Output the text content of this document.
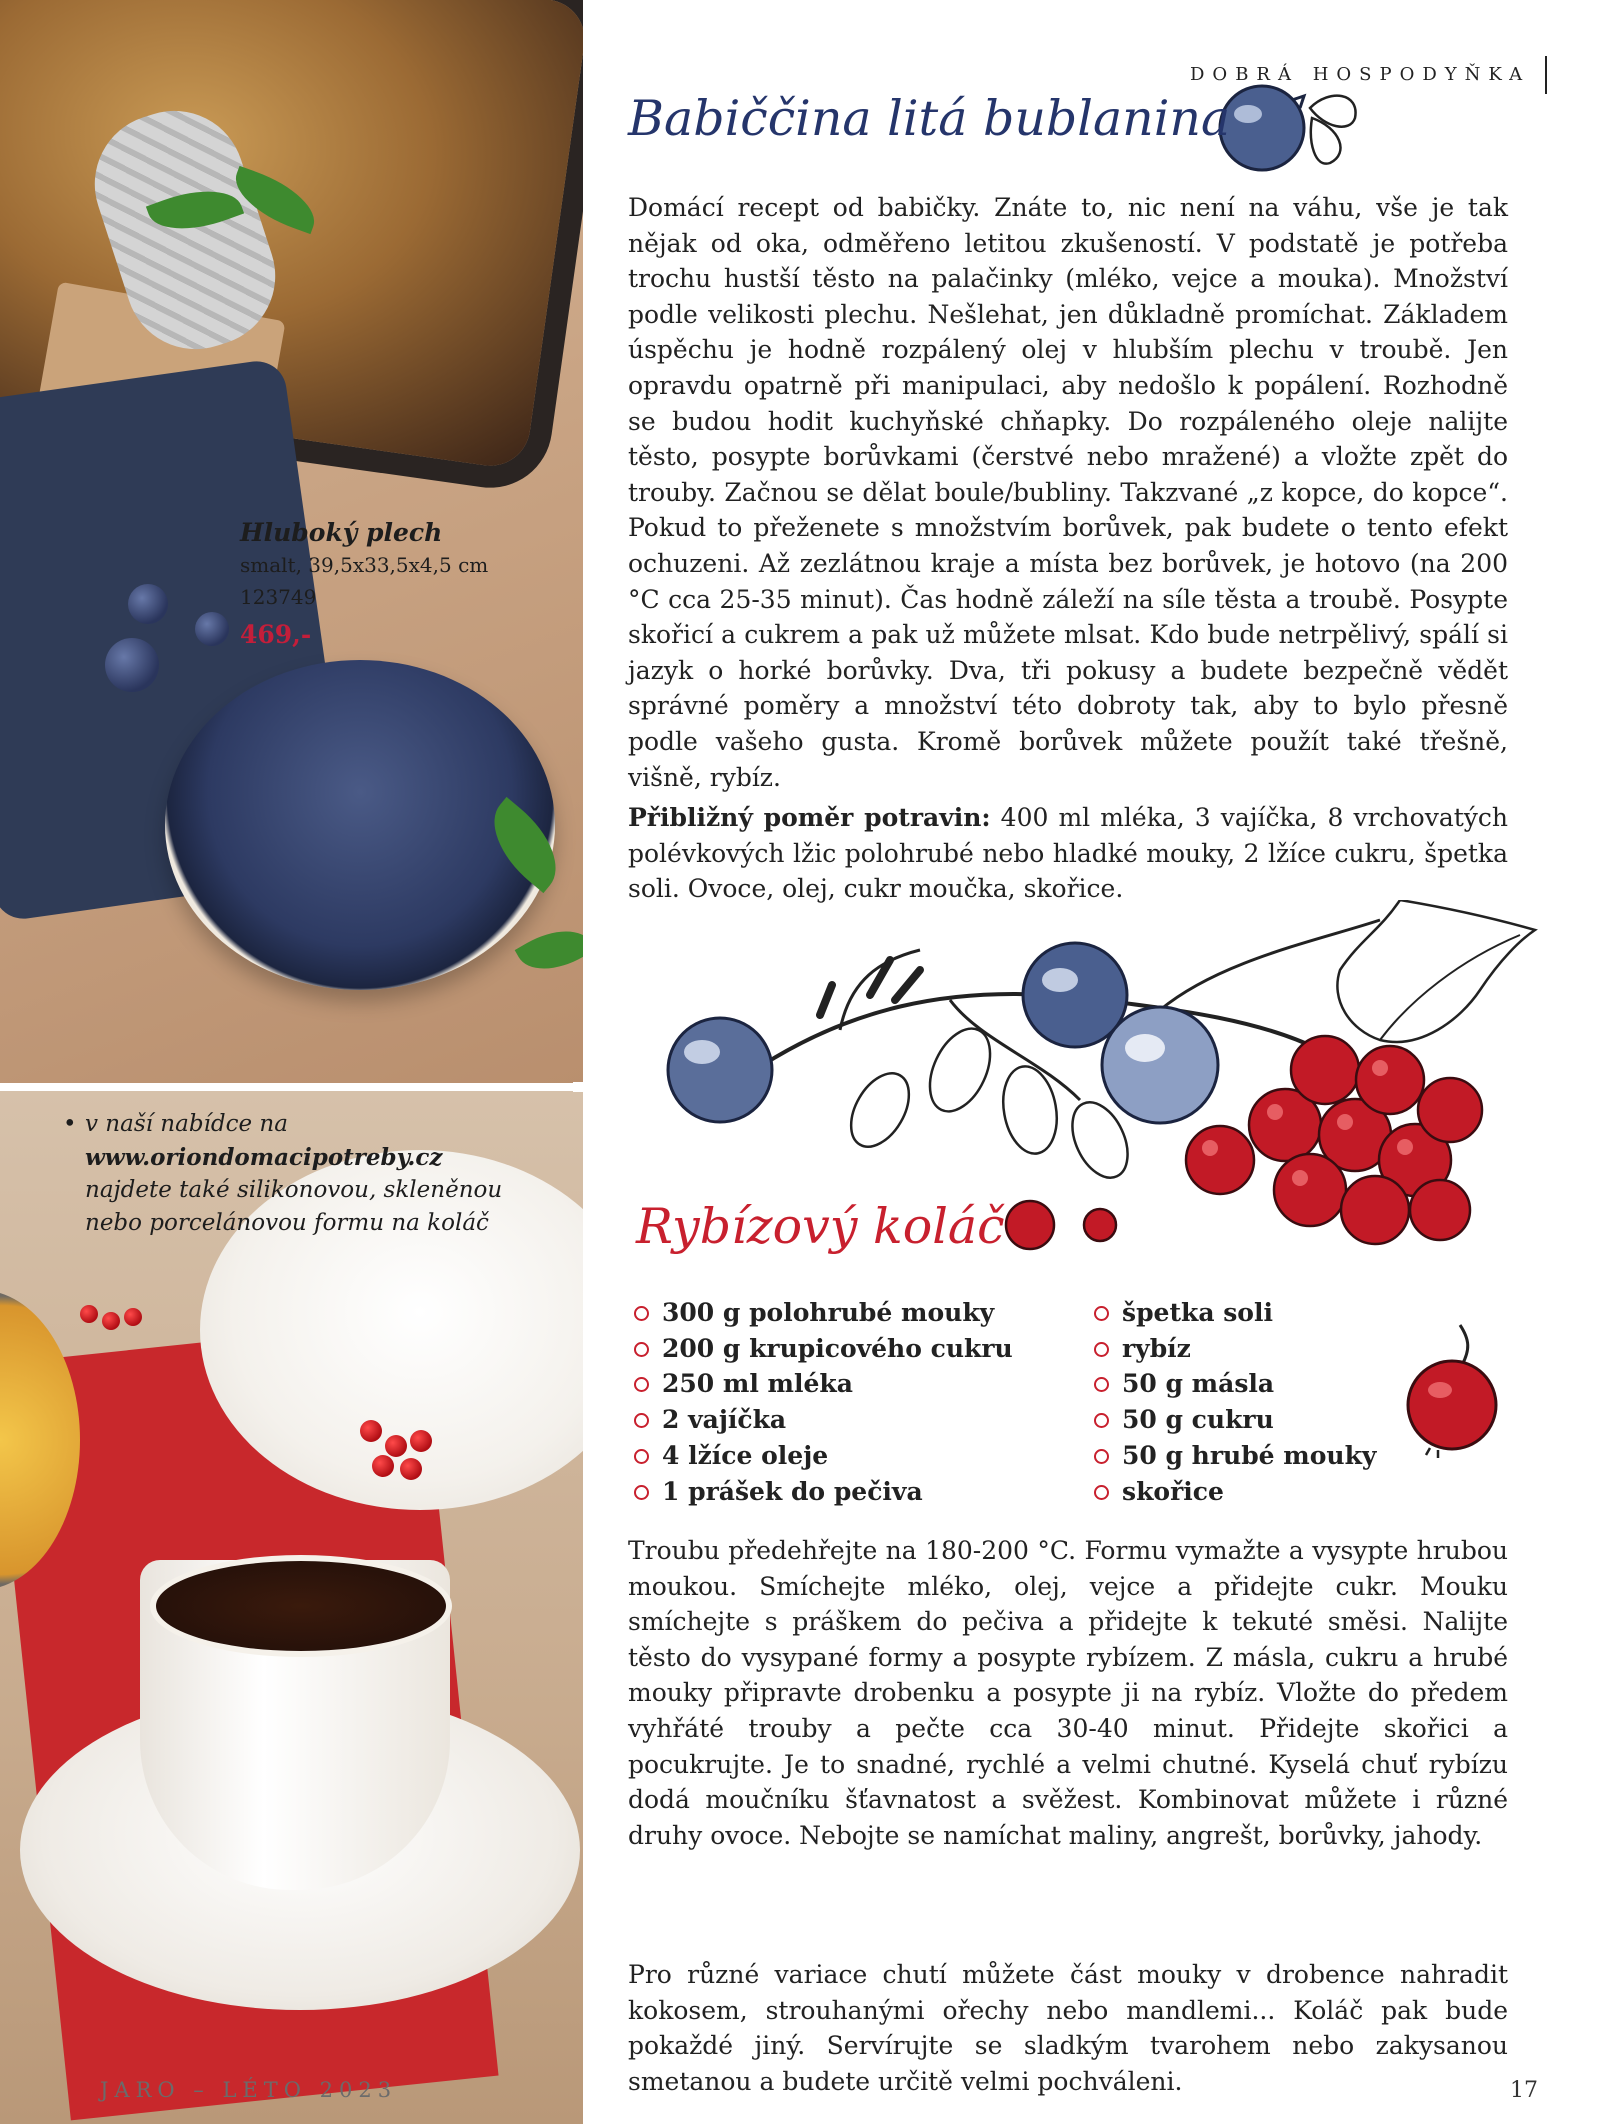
Hluboký plech
smalt, 39,5x33,5x4,5 cm
123749
469,-
• v naší nabídce na
www.oriondomacipotreby.cz
najdete také silikonovou, skleněnou
nebo porcelánovou formu na koláč
DOBRÁ HOSPODYŇKA
Babiččina litá bublanina
Domácí recept od babičky. Znáte to, nic není na váhu, vše je tak nějak od oka, odměřeno letitou zkušeností. V podstatě je potřeba trochu hustší těsto na palačinky (mléko, vejce a mouka). Množství podle velikosti plechu. Nešlehat, jen důkladně promíchat. Základem úspěchu je hodně rozpálený olej v hlubším plechu v troubě. Jen opravdu opatrně při manipulaci, aby nedošlo k popálení. Rozhodně se budou hodit kuchyňské chňapky. Do rozpáleného oleje nalijte těsto, posypte borůvkami (čerstvé nebo mražené) a vložte zpět do trouby. Začnou se dělat boule/bubliny. Takzvané „z kopce, do kopce“. Pokud to přeženete s množstvím borůvek, pak budete o tento efekt ochuzeni. Až zezlátnou kraje a místa bez borůvek, je hotovo (na 200 °C cca 25-35 minut). Čas hodně záleží na síle těsta a troubě. Posypte skořicí a cukrem a pak už můžete mlsat. Kdo bude netrpělivý, spálí si jazyk o horké borůvky. Dva, tři pokusy a budete bezpečně vědět správné poměry a množství této dobroty tak, aby to bylo přesně podle vašeho gusta. Kromě borůvek můžete použít také třešně, višně, rybíz.
Přibližný poměr potravin: 400 ml mléka, 3 vajíčka, 8 vrchovatých polévkových lžic polohrubé nebo hladké mouky, 2 lžíce cukru, špetka soli. Ovoce, olej, cukr moučka, skořice.
Rybízový koláč
300 g polohrubé mouky
200 g krupicového cukru
250 ml mléka
2 vajíčka
4 lžíce oleje
1 prášek do pečiva
špetka soli
rybíz
50 g másla
50 g cukru
50 g hrubé mouky
skořice
Troubu předehřejte na 180-200 °C. Formu vymažte a vysypte hrubou moukou. Smíchejte mléko, olej, vejce a přidejte cukr. Mouku smíchejte s práškem do pečiva a přidejte k tekuté směsi. Nalijte těsto do vysypané formy a posypte rybízem. Z másla, cukru a hrubé mouky připravte drobenku a posypte ji na rybíz. Vložte do předem vyhřáté trouby a pečte cca 30-40 minut. Přidejte skořici a pocukrujte. Je to snadné, rychlé a velmi chutné. Kyselá chuť rybízu dodá moučníku šťavnatost a svěžest. Kombinovat můžete i různé druhy ovoce. Nebojte se namíchat maliny, angrešt, borůvky, jahody.
Pro různé variace chutí můžete část mouky v drobence nahradit kokosem, strouhanými ořechy nebo mandlemi... Koláč pak bude pokaždé jiný. Servírujte se sladkým tvarohem nebo zakysanou smetanou a budete určitě velmi pochváleni.
JARO – LÉTO 2023	17
